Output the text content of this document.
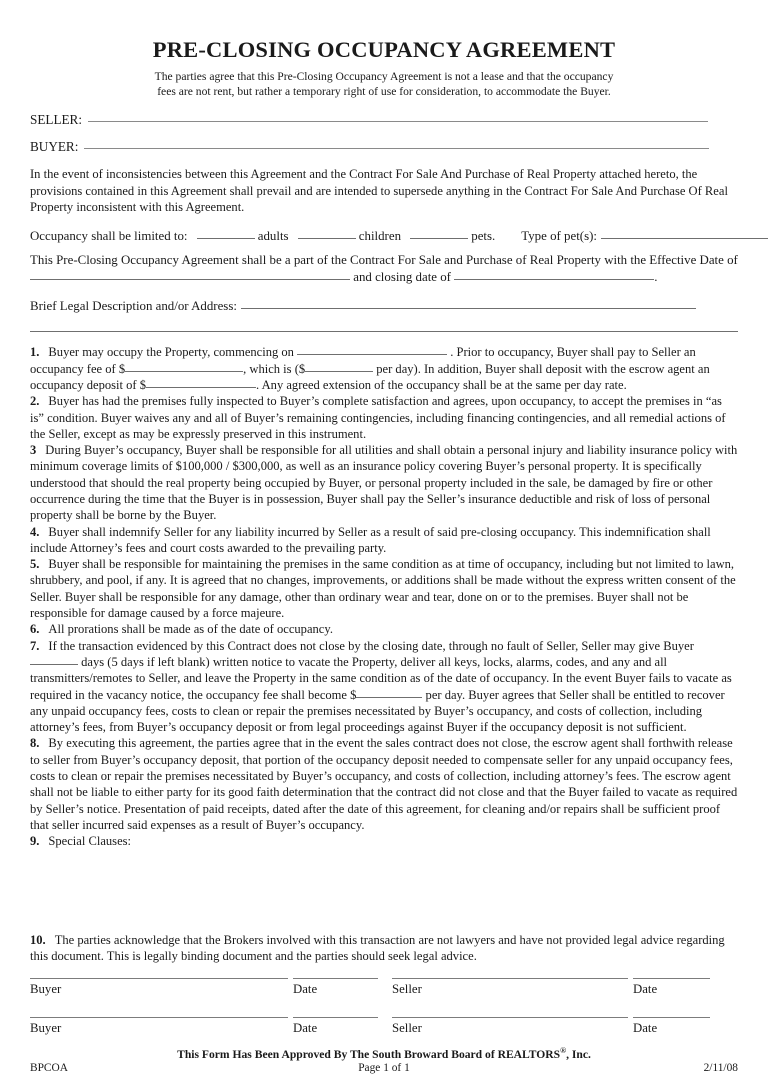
PRE-CLOSING OCCUPANCY AGREEMENT
The parties agree that this Pre-Closing Occupancy Agreement is not a lease and that the occupancy
fees are not rent, but rather a temporary right of use for consideration, to accommodate the Buyer.
SELLER:
BUYER:
In the event of inconsistencies between this Agreement and the Contract For Sale And Purchase of Real Property attached hereto, the provisions contained in this Agreement shall prevail and are intended to supersede anything in the Contract For Sale And Purchase Of Real Property inconsistent with this Agreement.
Occupancy shall be limited to:	adults	children	pets. Type of pet(s):
This Pre-Closing Occupancy Agreement shall be a part of the Contract For Sale and Purchase of Real Property with the Effective Date of
and closing date of	.
Brief Legal Description and/or Address:
1. Buyer may occupy the Property, commencing on	. Prior to occupancy, Buyer shall pay to Seller an occupancy fee of $	, which is ($	per day). In addition, Buyer shall deposit with the escrow agent an occupancy deposit of $	. Any agreed extension of the occupancy shall be at the same per day rate.
2. Buyer has had the premises fully inspected to Buyer’s complete satisfaction and agrees, upon occupancy, to accept the premises in “as is” condition. Buyer waives any and all of Buyer’s remaining contingencies, including financing contingencies, and all remedial actions of the Seller, except as may be expressly preserved in this instrument.
3 During Buyer’s occupancy, Buyer shall be responsible for all utilities and shall obtain a personal injury and liability insurance policy with minimum coverage limits of $100,000 / $300,000, as well as an insurance policy covering Buyer’s personal property. It is specifically understood that should the real property being occupied by Buyer, or personal property included in the sale, be damaged by fire or other occurrence during the time that the Buyer is in possession, Buyer shall pay the Seller’s insurance deductible and risk of loss of personal property shall be borne by the Buyer.
4. Buyer shall indemnify Seller for any liability incurred by Seller as a result of said pre-closing occupancy. This indemnification shall include Attorney’s fees and court costs awarded to the prevailing party.
5. Buyer shall be responsible for maintaining the premises in the same condition as at time of occupancy, including but not limited to lawn, shrubbery, and pool, if any. It is agreed that no changes, improvements, or additions shall be made without the express written consent of the Seller. Buyer shall be responsible for any damage, other than ordinary wear and tear, done on or to the premises. Buyer shall not be responsible for damage caused by a force majeure.
6. All prorations shall be made as of the date of occupancy.
7. If the transaction evidenced by this Contract does not close by the closing date, through no fault of Seller, Seller may give Buyer  days (5 days if left blank) written notice to vacate the Property, deliver all keys, locks, alarms, codes, and any and all transmitters/remotes to Seller, and leave the Property in the same condition as of the date of occupancy. In the event Buyer fails to vacate as required in the vacancy notice, the occupancy fee shall become $	per day. Buyer agrees that Seller shall be entitled to recover any unpaid occupancy fees, costs to clean or repair the premises necessitated by Buyer’s occupancy, and costs of collection, including attorney’s fees, from Buyer’s occupancy deposit or from legal proceedings against Buyer if the occupancy deposit is not sufficient.
8. By executing this agreement, the parties agree that in the event the sales contract does not close, the escrow agent shall forthwith release to seller from Buyer’s occupancy deposit, that portion of the occupancy deposit needed to compensate seller for any unpaid occupancy fees, costs to clean or repair the premises necessitated by Buyer’s occupancy, and costs of collection, including attorney’s fees. The escrow agent shall not be liable to either party for its good faith determination that the contract did not close and that the Buyer failed to vacate as required by Seller’s notice. Presentation of paid receipts, dated after the date of this agreement, for cleaning and/or repairs shall be sufficient proof that seller incurred said expenses as a result of Buyer’s occupancy.
9. Special Clauses:
10. The parties acknowledge that the Brokers involved with this transaction are not lawyers and have not provided legal advice regarding this document. This is legally binding document and the parties should seek legal advice.
Buyer	Date	Seller	Date
Buyer	Date	Seller	Date
This Form Has Been Approved By The South Broward Board of REALTORS®, Inc.
BPCOA	Page 1 of 1	2/11/08
